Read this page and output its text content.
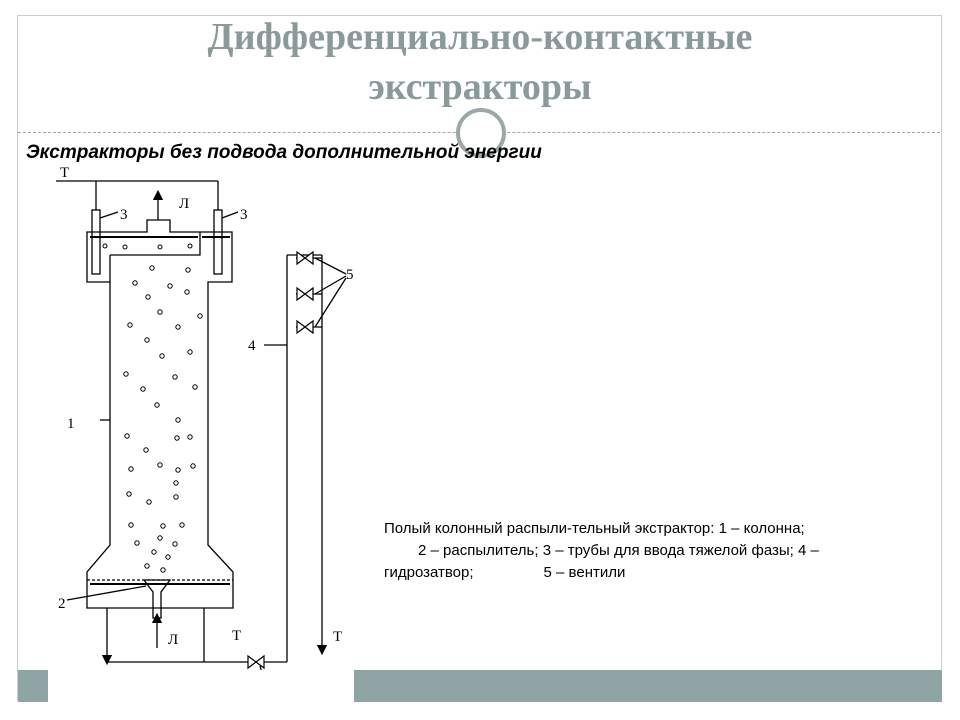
Дифференциально-контактные
экстракторы
Экстракторы без подвода дополнительной энергии
Т
Л
3	3
5
4
1
2
Л	Т	Т
Полый колонный распыли-тельный экстрактор: 1 – колонна;
2 – распылитель; 3 – трубы для ввода тяжелой фазы; 4 –
гидрозатвор;	5 – вентили
